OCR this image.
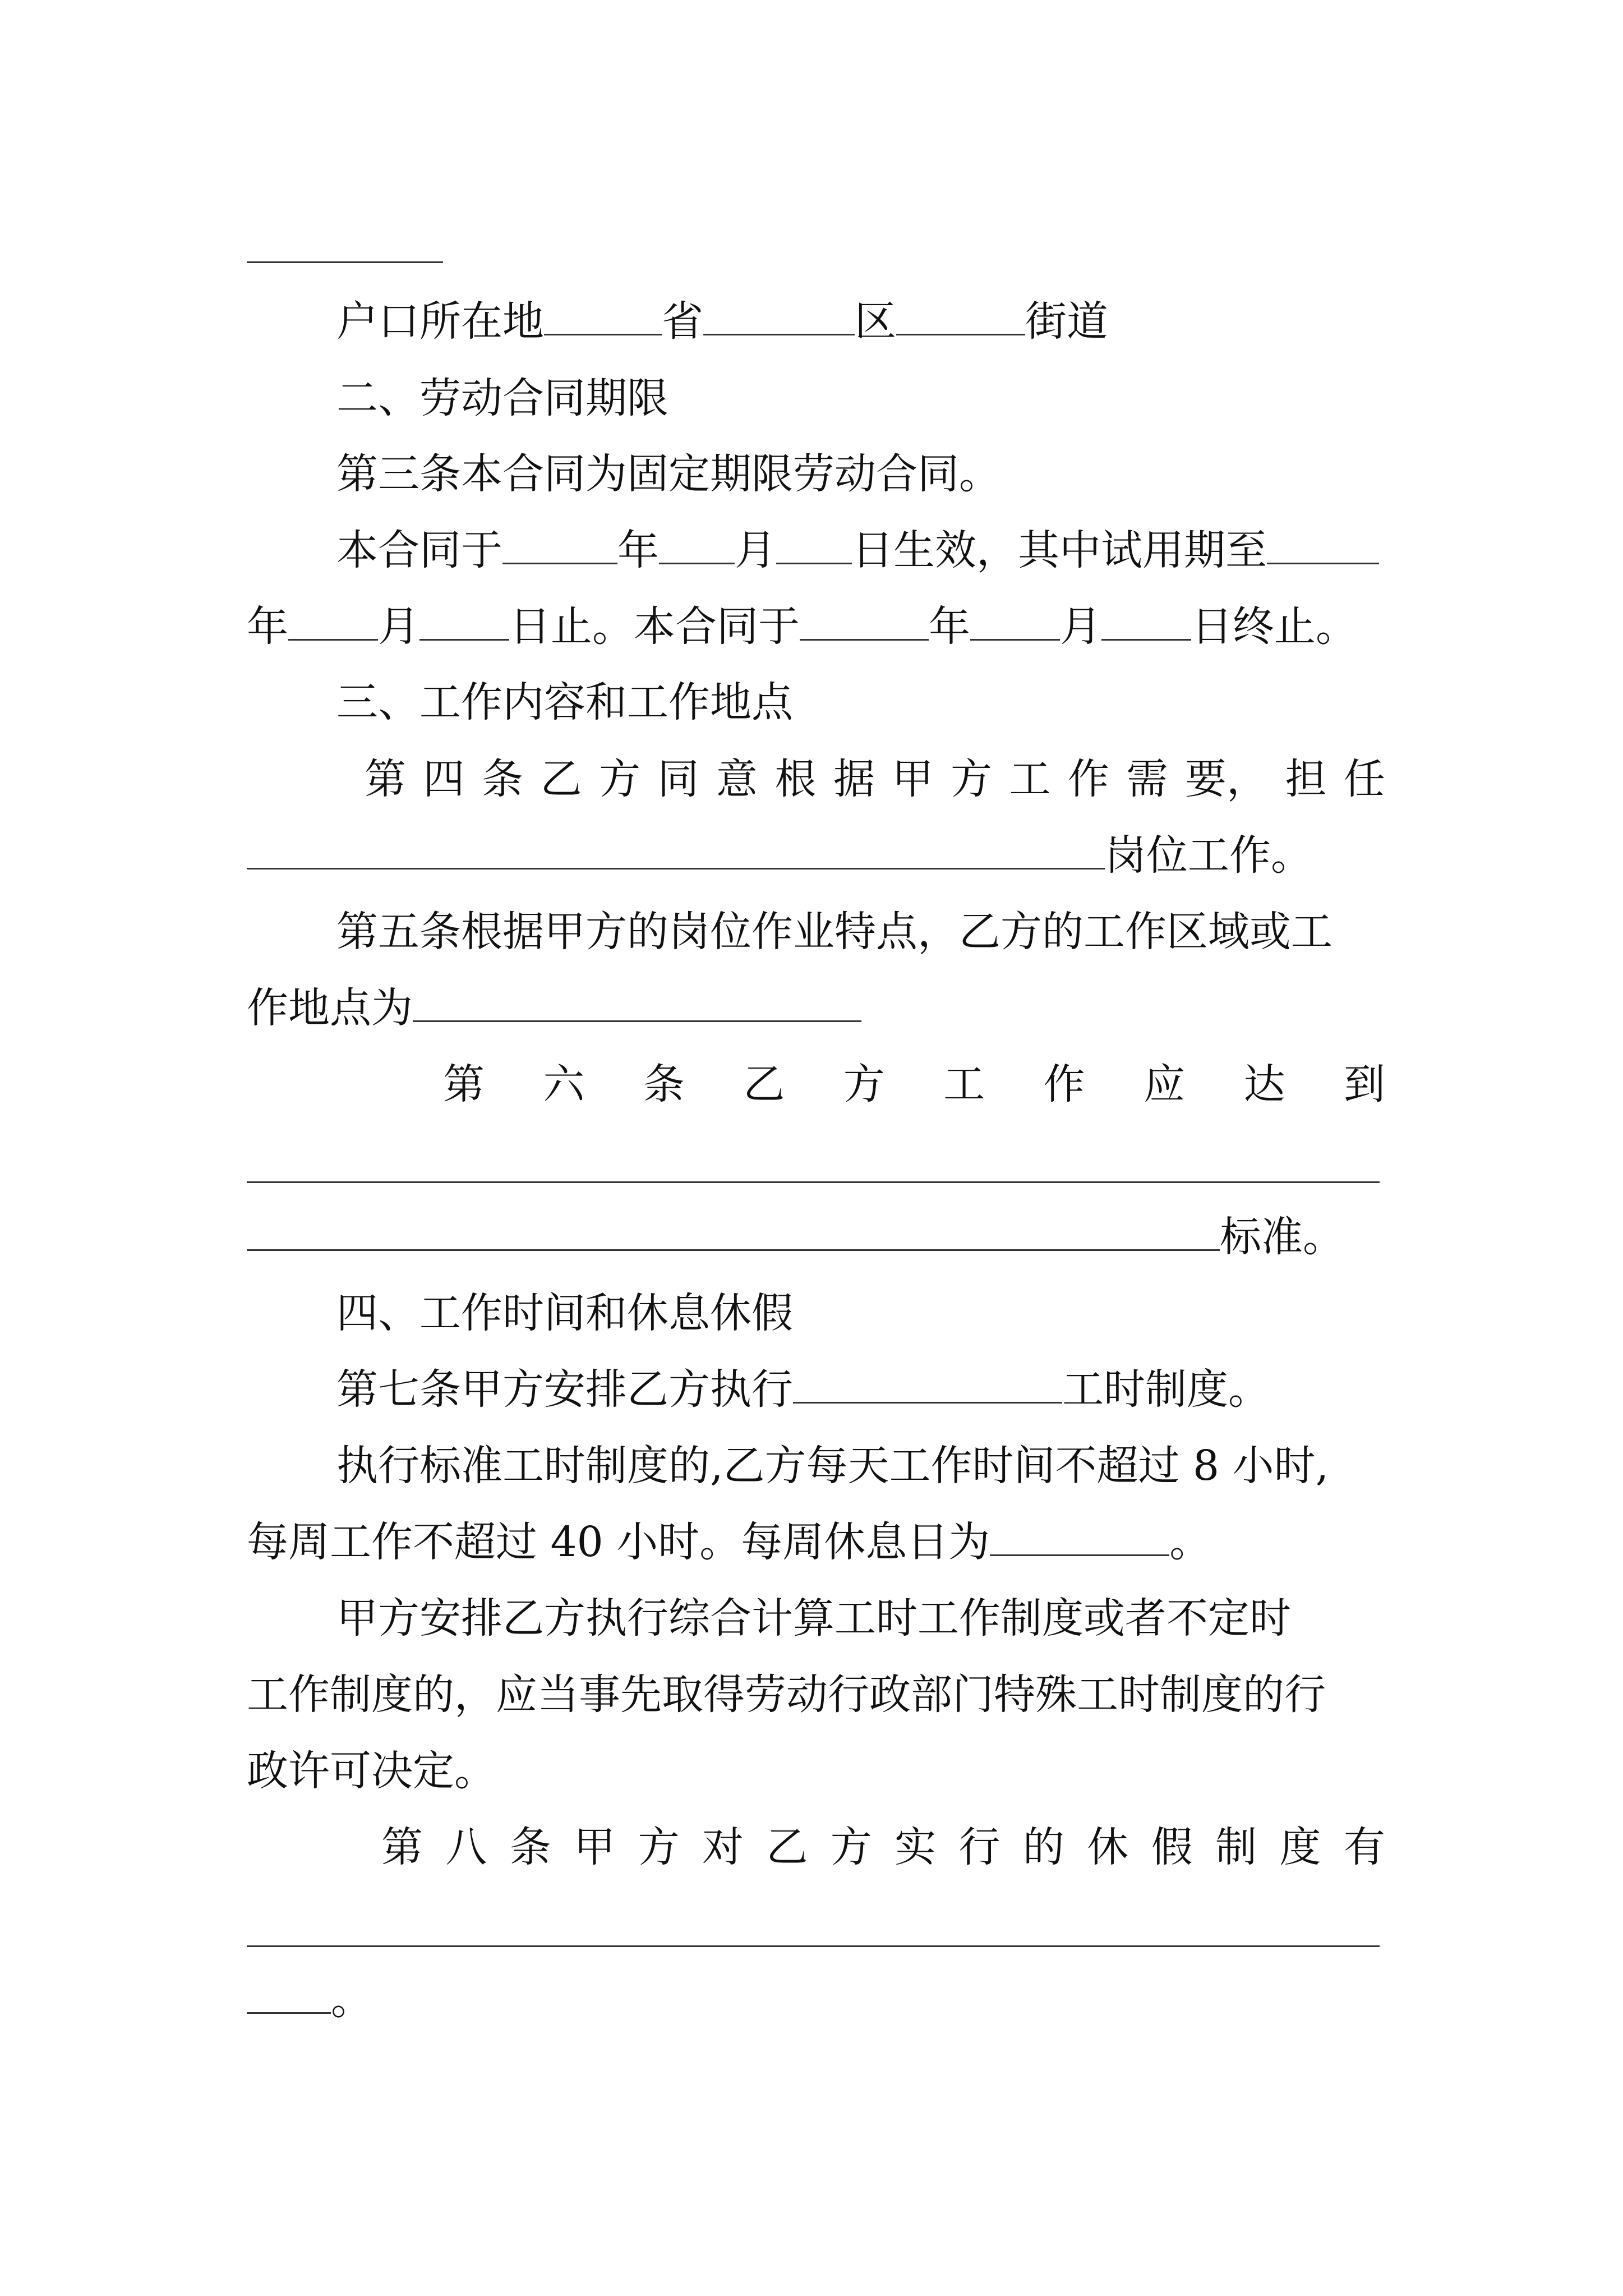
户口所在地	省	区	街道
二、劳动合同期限
第三条本合同为固定期限劳动合同。
本合同于	年 月 日生效，其中试用期至
年 月 日止。本合同于	年 月 日终止。
三、工作内容和工作地点
第 四 条 乙 方 同 意 根 据 甲 方 工 作 需 要， 担 任
岗位工作。
第五条根据甲方的岗位作业特点，乙方的工作区域或工
作地点为
第 六 条 乙 方 工 作 应 达 到
标准。
四、工作时间和休息休假
第七条甲方安排乙方执行	工时制度。
执行标准工时制度的,乙方每天工作时间不超过 8 小时,
每周工作不超过 40 小时。每周休息日为	。
甲方安排乙方执行综合计算工时工作制度或者不定时
工作制度的，应当事先取得劳动行政部门特殊工时制度的行
政许可决定。
第 八 条 甲 方 对 乙 方 实 行 的 休 假 制 度 有
。
